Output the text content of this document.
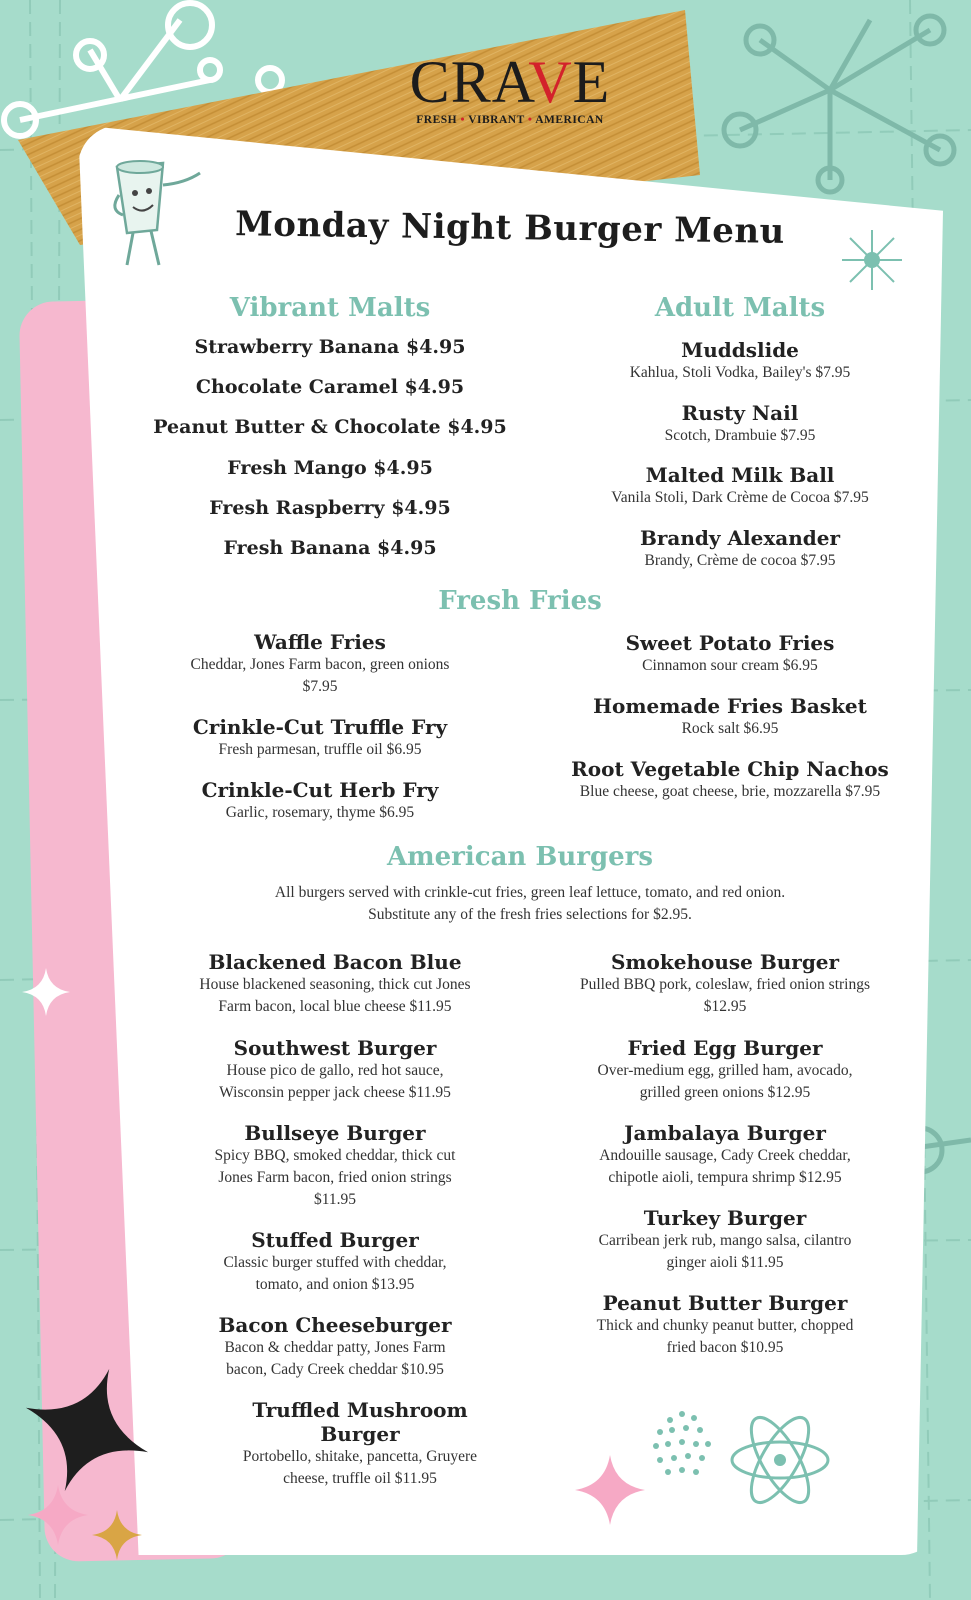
CRAVE
FRESH • VIBRANT • AMERICAN
Monday Night Burger Menu
Vibrant Malts
Strawberry Banana $4.95
Chocolate Caramel $4.95
Peanut Butter & Chocolate $4.95
Fresh Mango $4.95
Fresh Raspberry $4.95
Fresh Banana $4.95
Adult Malts
Muddslide
Kahlua, Stoli Vodka, Bailey's $7.95
Rusty Nail
Scotch, Drambuie $7.95
Malted Milk Ball
Vanila Stoli, Dark Crème de Cocoa $7.95
Brandy Alexander
Brandy, Crème de cocoa $7.95
Fresh Fries
Waffle Fries
Cheddar, Jones Farm bacon, green onions
$7.95
Crinkle-Cut Truffle Fry
Fresh parmesan, truffle oil $6.95
Crinkle-Cut Herb Fry
Garlic, rosemary, thyme $6.95
Sweet Potato Fries
Cinnamon sour cream $6.95
Homemade Fries Basket
Rock salt $6.95
Root Vegetable Chip Nachos
Blue cheese, goat cheese, brie, mozzarella $7.95
American Burgers
All burgers served with crinkle-cut fries, green leaf lettuce, tomato, and red onion.
Substitute any of the fresh fries selections for $2.95.
Blackened Bacon Blue
House blackened seasoning, thick cut Jones
Farm bacon, local blue cheese $11.95
Southwest Burger
House pico de gallo, red hot sauce,
Wisconsin pepper jack cheese $11.95
Bullseye Burger
Spicy BBQ, smoked cheddar, thick cut
Jones Farm bacon, fried onion strings
$11.95
Stuffed Burger
Classic burger stuffed with cheddar,
tomato, and onion $13.95
Bacon Cheeseburger
Bacon & cheddar patty, Jones Farm
bacon, Cady Creek cheddar $10.95
Truffled Mushroom
Burger
Portobello, shitake, pancetta, Gruyere
cheese, truffle oil $11.95
Smokehouse Burger
Pulled BBQ pork, coleslaw, fried onion strings
$12.95
Fried Egg Burger
Over-medium egg, grilled ham, avocado,
grilled green onions $12.95
Jambalaya Burger
Andouille sausage, Cady Creek cheddar,
chipotle aioli, tempura shrimp $12.95
Turkey Burger
Carribean jerk rub, mango salsa, cilantro
ginger aioli $11.95
Peanut Butter Burger
Thick and chunky peanut butter, chopped
fried bacon $10.95
